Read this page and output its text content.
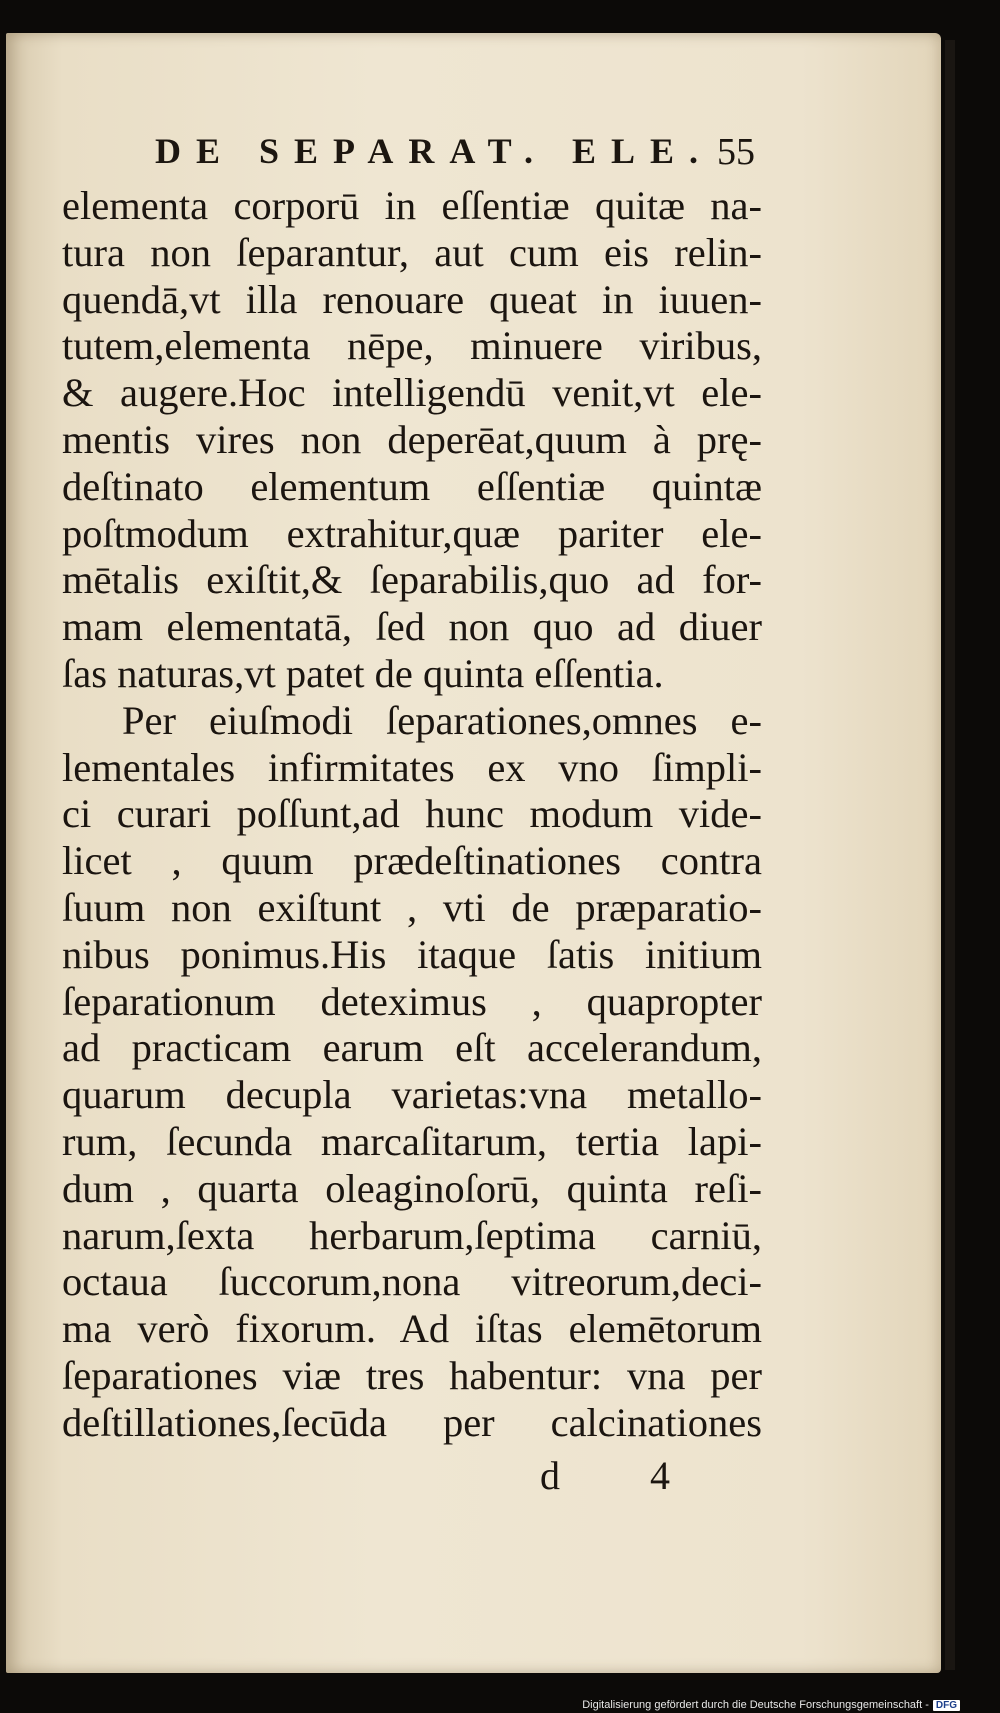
DE SEPARAT. ELE. 55
elementa corporū in eſſentiæ quitæ na-
tura non ſeparantur, aut cum eis relin-
quendā,vt illa renouare queat in iuuen-
tutem,elementa nēpe, minuere viribus,
& augere.Hoc intelligendū venit,vt ele-
mentis vires non deperēat,quum à prę-
deſtinato elementum eſſentiæ quintæ
poſtmodum extrahitur,quæ pariter ele-
mētalis exiſtit,& ſeparabilis,quo ad for-
mam elementatā, ſed non quo ad diuer
ſas naturas,vt patet de quinta eſſentia.
Per eiuſmodi ſeparationes,omnes e-
lementales infirmitates ex vno ſimpli-
ci curari poſſunt,ad hunc modum vide-
licet , quum prædeſtinationes contra
ſuum non exiſtunt , vti de præparatio-
nibus ponimus.His itaque ſatis initium
ſeparationum deteximus , quapropter
ad practicam earum eſt accelerandum,
quarum decupla varietas:vna metallo-
rum, ſecunda marcaſitarum, tertia lapi-
dum , quarta oleaginoſorū, quinta reſi-
narum,ſexta herbarum,ſeptima carniū,
octaua ſuccorum,nona vitreorum,deci-
ma verò fixorum. Ad iſtas elemētorum
ſeparationes viæ tres habentur: vna per
deſtillationes,ſecūda per calcinationes
d 4
Digitalisierung gefördert durch die Deutsche Forschungsgemeinschaft - DFG
